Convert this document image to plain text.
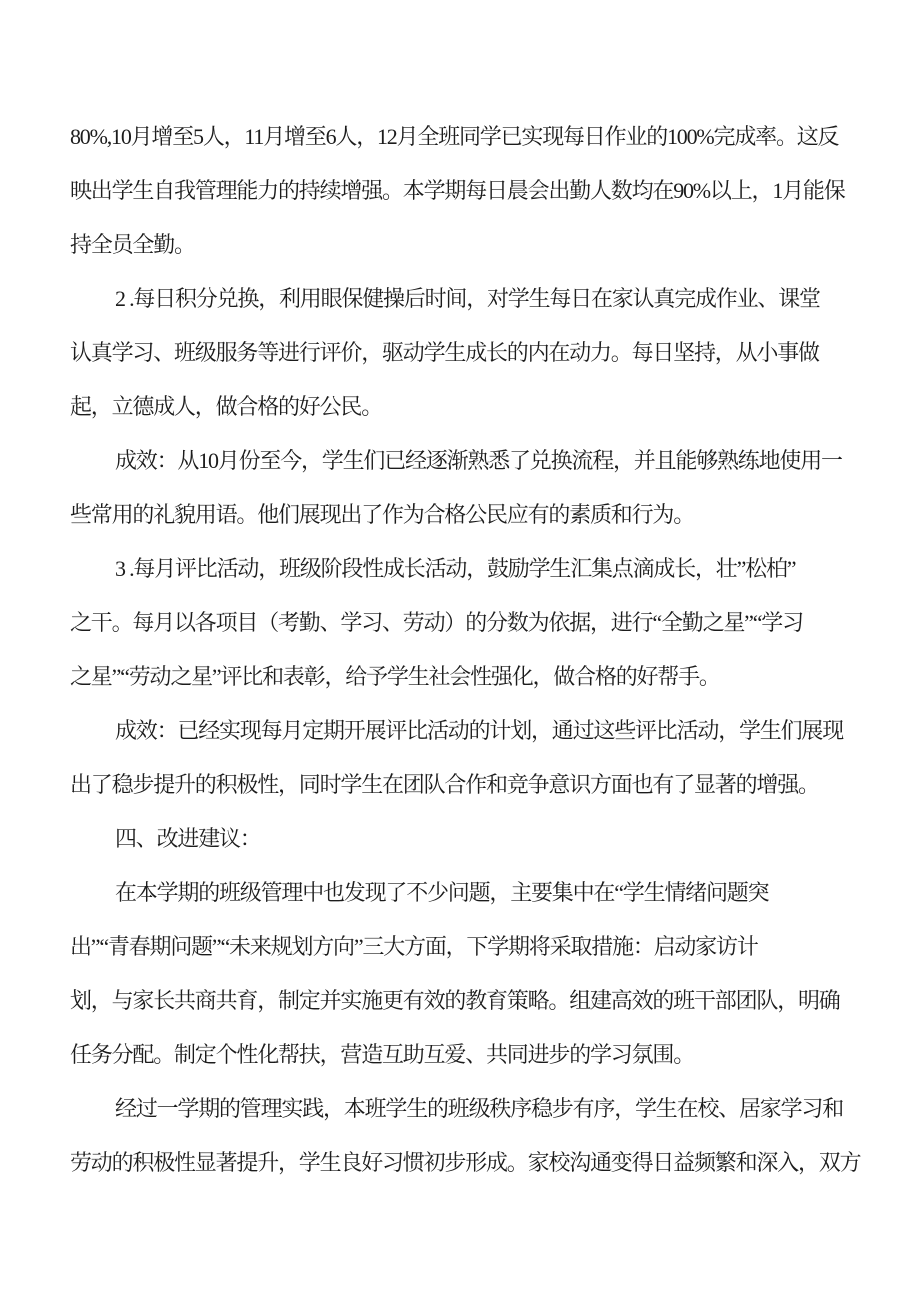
80%,10月增至5人，11月增至6人，12月全班同学已实现每日作业的100%完成率。这反
映出学生自我管理能力的持续增强。本学期每日晨会出勤人数均在90%以上，1月能保
持全员全勤。
2 .每日积分兑换，利用眼保健操后时间，对学生每日在家认真完成作业、课堂
认真学习、班级服务等进行评价，驱动学生成长的内在动力。每日坚持，从小事做
起，立德成人，做合格的好公民。
成效：从10月份至今，学生们已经逐渐熟悉了兑换流程，并且能够熟练地使用一
些常用的礼貌用语。他们展现出了作为合格公民应有的素质和行为。
3 .每月评比活动，班级阶段性成长活动，鼓励学生汇集点滴成长，壮”松柏”
之干。每月以各项目（考勤、学习、劳动）的分数为依据，进行“全勤之星”“学习
之星”“劳动之星”评比和表彰，给予学生社会性强化，做合格的好帮手。
成效：已经实现每月定期开展评比活动的计划，通过这些评比活动，学生们展现
出了稳步提升的积极性，同时学生在团队合作和竞争意识方面也有了显著的增强。
四、改进建议：
在本学期的班级管理中也发现了不少问题，主要集中在“学生情绪问题突
出”“青春期问题”“未来规划方向”三大方面，下学期将采取措施：启动家访计
划，与家长共商共育，制定并实施更有效的教育策略。组建高效的班干部团队，明确
任务分配。制定个性化帮扶，营造互助互爱、共同进步的学习氛围。
经过一学期的管理实践，本班学生的班级秩序稳步有序，学生在校、居家学习和
劳动的积极性显著提升，学生良好习惯初步形成。家校沟通变得日益频繁和深入，双方
